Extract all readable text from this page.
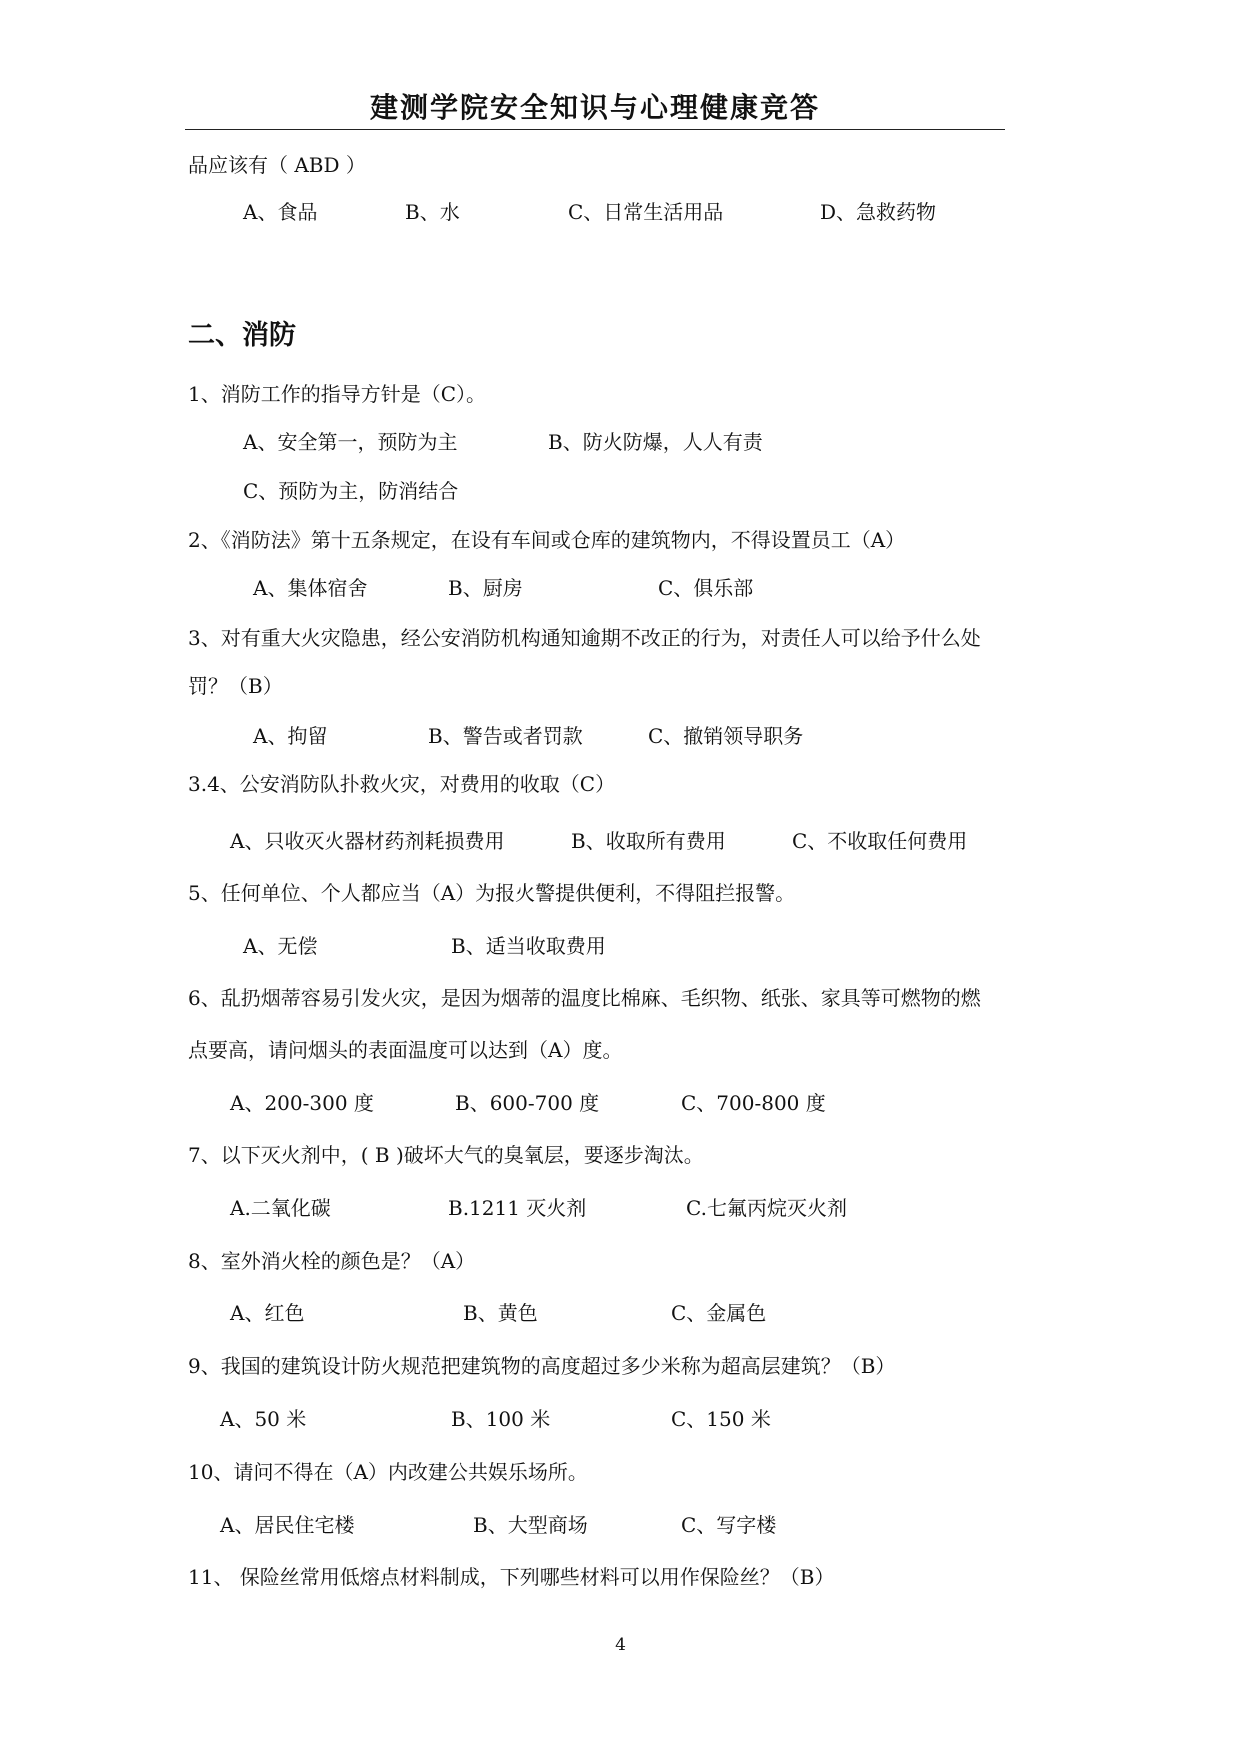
建测学院安全知识与心理健康竞答
品应该有（ ABD ）
A、食品	B、水	C、日常生活用品	D、急救药物
二、消防
1、消防工作的指导方针是（C）。
A、安全第一，预防为主	B、防火防爆，人人有责
C、预防为主，防消结合
2、《消防法》第十五条规定，在设有车间或仓库的建筑物内，不得设置员工（A）
A、集体宿舍	B、厨房	C、俱乐部
3、对有重大火灾隐患，经公安消防机构通知逾期不改正的行为，对责任人可以给予什么处
罚？（B）
A、拘留	B、警告或者罚款	C、撤销领导职务
3.4、公安消防队扑救火灾，对费用的收取（C）
A、只收灭火器材药剂耗损费用	B、收取所有费用	C、不收取任何费用
5、任何单位、个人都应当（A）为报火警提供便利，不得阻拦报警。
A、无偿	B、适当收取费用
6、乱扔烟蒂容易引发火灾，是因为烟蒂的温度比棉麻、毛织物、纸张、家具等可燃物的燃
点要高，请问烟头的表面温度可以达到（A）度。
A、200-300 度	B、600-700 度	C、700-800 度
7、以下灭火剂中，( B )破坏大气的臭氧层，要逐步淘汰。
A.二氧化碳	B.1211 灭火剂	C.七氟丙烷灭火剂
8、室外消火栓的颜色是？（A）
A、红色	B、黄色	C、金属色
9、我国的建筑设计防火规范把建筑物的高度超过多少米称为超高层建筑？（B）
A、50 米	B、100 米	C、150 米
10、请问不得在（A）内改建公共娱乐场所。
A、居民住宅楼	B、大型商场	C、写字楼
11、 保险丝常用低熔点材料制成，下列哪些材料可以用作保险丝？（B）
4
